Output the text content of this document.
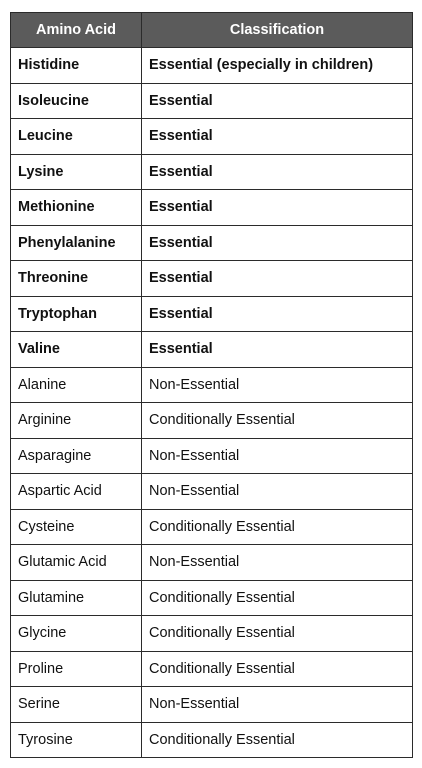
Amino Acid	Classification
Histidine	Essential (especially in children)
Isoleucine	Essential
Leucine	Essential
Lysine	Essential
Methionine	Essential
Phenylalanine	Essential
Threonine	Essential
Tryptophan	Essential
Valine	Essential
Alanine	Non-Essential
Arginine	Conditionally Essential
Asparagine	Non-Essential
Aspartic Acid	Non-Essential
Cysteine	Conditionally Essential
Glutamic Acid	Non-Essential
Glutamine	Conditionally Essential
Glycine	Conditionally Essential
Proline	Conditionally Essential
Serine	Non-Essential
Tyrosine	Conditionally Essential
